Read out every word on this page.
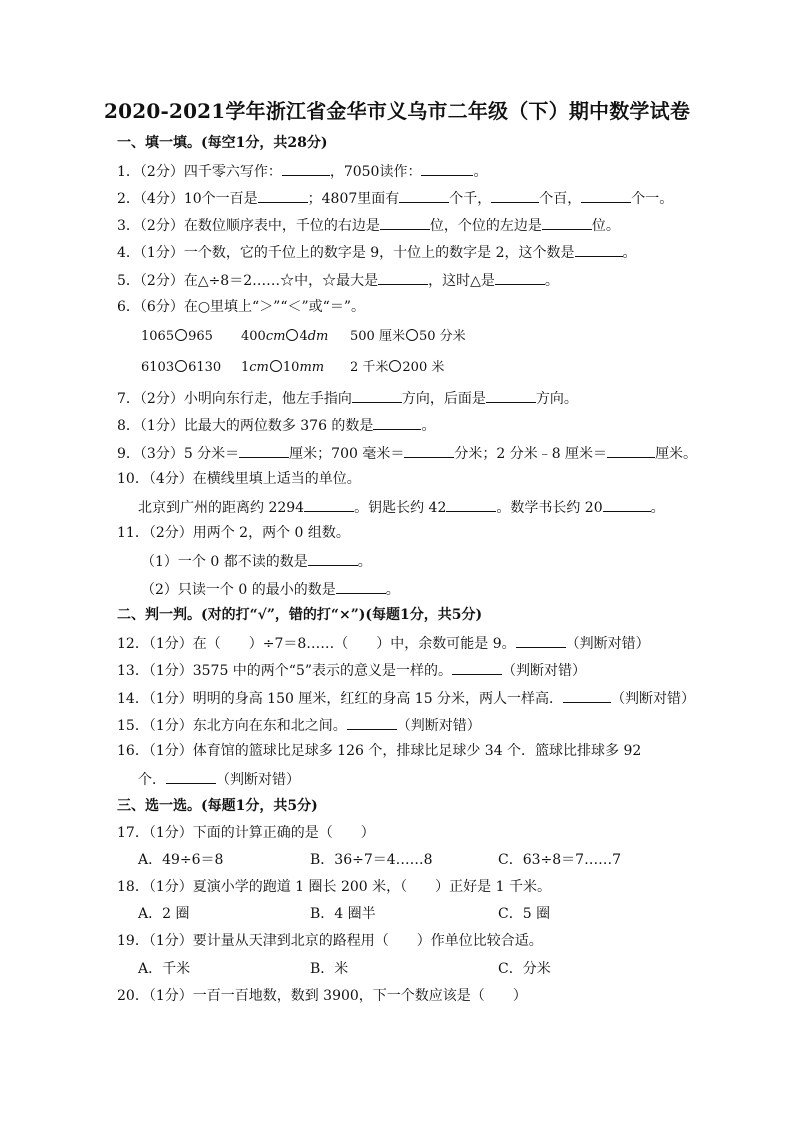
2020-2021学年浙江省金华市义乌市二年级（下）期中数学试卷
一、填一填。(每空1分，共28分)
1．（2分）四千零六写作：	，7050读作：	。
2．（4分）10个一百是	；4807里面有	个千，	个百，	个一。
3．（2分）在数位顺序表中，千位的右边是	位，个位的左边是	位。
4．（1分）一个数，它的千位上的数字是 9，十位上的数字是 2，这个数是	。
5．（2分）在△÷8＝2……☆中，☆最大是	，这时△是	。
6．（6分）在○里填上“＞”“＜”或“＝”。
1065 965 400cm 4dm 500 厘米 50 分米
6103 6130 1cm 10mm 2 千米 200 米
7．（2分）小明向东行走，他左手指向	方向，后面是	方向。
8．（1分）比最大的两位数多 376 的数是	。
9．（3分）5 分米＝	厘米；700 毫米＝	分米；2 分米﹣8 厘米＝	厘米。
10．（4分）在横线里填上适当的单位。
北京到广州的距离约 2294	。钥匙长约 42	。数学书长约 20	。
11．（2分）用两个 2，两个 0 组数。
（1）一个 0 都不读的数是	。
（2）只读一个 0 的最小的数是	。
二、判一判。(对的打“√”，错的打“×”)(每题1分，共5分)
12．（1分）在（ ）÷7＝8……（ ）中，余数可能是 9。	（判断对错）
13．（1分）3575 中的两个“5”表示的意义是一样的。	（判断对错）
14．（1分）明明的身高 150 厘米，红红的身高 15 分米，两人一样高．	（判断对错）
15．（1分）东北方向在东和北之间。	（判断对错）
16．（1分）体育馆的篮球比足球多 126 个，排球比足球少 34 个．篮球比排球多 92
个．	（判断对错）
三、选一选。(每题1分，共5分)
17．（1分）下面的计算正确的是（ ）
A．49÷6＝8	B．36÷7＝4……8	C．63÷8＝7……7
18．（1分）夏演小学的跑道 1 圈长 200 米，（ ）正好是 1 千米。
A．2 圈	B．4 圈半	C．5 圈
19．（1分）要计量从天津到北京的路程用（ ）作单位比较合适。
A．千米	B．米	C．分米
20．（1分）一百一百地数，数到 3900，下一个数应该是（ ）
